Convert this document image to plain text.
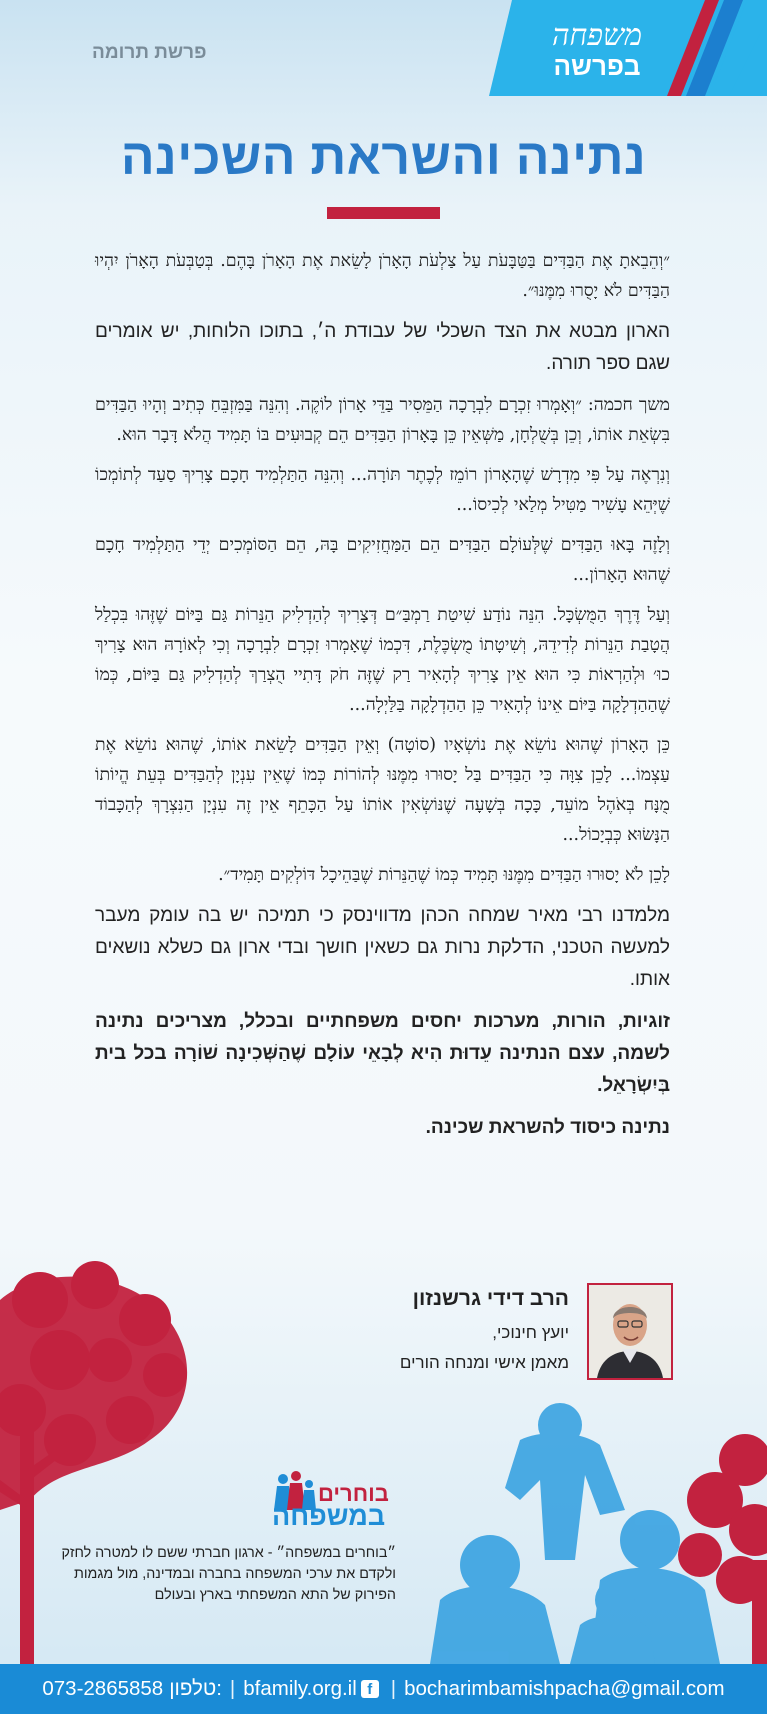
משפחה
בפרשה
פרשת תרומה
נתינה והשראת השכינה

״וְהֵבֵאתָ אֶת הַבַּדִּים בַּטַּבָּעֹת עַל צַלְעֹת הָאָרֹן לָשֵׂאת אֶת הָאָרֹן בָּהֶם. בְּטַבְּעֹת הָאָרֹן יִהְיוּ הַבַּדִּים לֹא יָסֻרוּ מִמֶּנּוּ״.

הארון מבטא את הצד השכלי של עבודת ה׳, בתוכו הלוחות, יש אומרים שגם ספר תורה.

משך חכמה: ״וְאָמְרוּ זִכְרָם לִבְרָכָה הַמֵּסִיר בַּדֵּי אָרוֹן לוֹקֶה. וְהִנֵּה בַּמִּזְבֵּחַ כְּתִיב וְהָיוּ הַבַּדִּים בִּשְׂאֵת אוֹתוֹ, וְכֵן בְּשֻׁלְחָן, מַשְּׁאֵין כֵּן בָּאָרוֹן הַבַּדִּים הֵם קְבוּעִים בּוֹ תָּמִיד הֲלֹא דָּבָר הוּא.

וְנִרְאֶה עַל פִּי מִדְרָשׁ שֶׁהָאָרוֹן רוֹמֵז לְכֶתֶר תּוֹרָה... וְהִנֵּה הַתַּלְמִיד חָכָם צָרִיךְ סַעַד לְתוֹמְכוֹ שֶׁיְּהֵא עָשִׁיר מַטִּיל מְלַאי לְכִיסוֹ...

וְלָזֶה בָּאוּ הַבַּדִּים שֶׁלְּעוֹלָם הַבַּדִּים הֵם הַמַּחֲזִיקִים בָּהּ, הֵם הַסּוֹמְכִים יְדֵי הַתַּלְמִיד חָכָם שֶׁהוּא הָאָרוֹן...

וְעַל דֶּרֶךְ הַמֻּשְׂכָּל. הִנֵּה נוֹדַע שִׁיטַת רַמְבַּ״ם דְּצָרִיךְ לְהַדְלִיק הַנֵּרוֹת גַּם בַּיּוֹם שֶׁזֶּהוּ בִּכְלַל הֲטָבַת הַנֵּרוֹת לְדִידֵהּ, וְשִׁיטָתוֹ מֻשְׂכֶּלֶת, דִּכְמוֹ שֶׁאָמְרוּ זִכְרָם לִבְרָכָה וְכִי לְאוֹרָהּ הוּא צָרִיךְ כוּ׳ וּלְהַרְאוֹת כִּי הוּא אֵין צָרִיךְ לְהָאִיר רַק שֶׁזֶּה חֹק דָּתִיי הֻצְרַךְ לְהַדְלִיק גַּם בַּיּוֹם, כְּמוֹ שֶׁהַהַדְלָקָה בַּיּוֹם אֵינוֹ לְהָאִיר כֵּן הַהַדְלָקָה בַּלַּיְלָה...

כֵּן הָאָרוֹן שֶׁהוּא נוֹשֵׂא אֶת נוֹשְׂאָיו (סוֹטָה) וְאֵין הַבַּדִּים לָשֵׂאת אוֹתוֹ, שֶׁהוּא נוֹשֵׂא אֶת עַצְמוֹ... לָכֵן צִוָּה כִּי הַבַּדִּים בַּל יָסוּרוּ מִמֶּנּוּ לְהוֹרוֹת כְּמוֹ שֶׁאֵין עִנְיָן לְהַבַּדִּים בְּעֵת הֱיוֹתוֹ מֻנָּח בְּאֹהֶל מוֹעֵד, כָּכָה בְּשָׁעָה שֶׁנּוֹשְׂאִין אוֹתוֹ עַל הַכָּתֵף אֵין זֶה עִנְיָן הַנִּצְרָךְ לְהַכָּבוֹד הַנָּשׂוּא כְּבְיָכוֹל...

לָכֵן לֹא יָסוּרוּ הַבַּדִּים מִמֶּנּוּ תָּמִיד כְּמוֹ שֶׁהַנֵּרוֹת שֶׁבַּהֵיכָל דּוֹלְקִים תָּמִיד״.

מלמדנו רבי מאיר שמחה הכהן מדווינסק כי תמיכה יש בה עומק מעבר למעשה הטכני, הדלקת נרות גם כשאין חושך ובדי ארון גם כשלא נושאים אותו.

זוגיות, הורות, מערכות יחסים משפחתיים ובכלל, מצריכים נתינה לשמה, עצם הנתינה עֵדוּת הִיא לְבָאֵי עוֹלָם שֶׁהַשְּׁכִינָה שׁוֹרָה בכל בית בְּיִשְׂרָאֵל.

נתינה כיסוד להשראת שכינה.

הרב דידי גרשנזון
יועץ חינוכי,
מאמן אישי ומנחה הורים
בוחרים
במשפחה
״בוחרים במשפחה״ - ארגון חברתי ששם לו למטרה לחזק ולקדם את ערכי המשפחה בחברה ובמדינה, מול מגמות הפירוק של התא המשפחתי בארץ ובעולם
073-2865858 טלפון: | bfamily.org.il f | bocharimbamishpacha@gmail.com
